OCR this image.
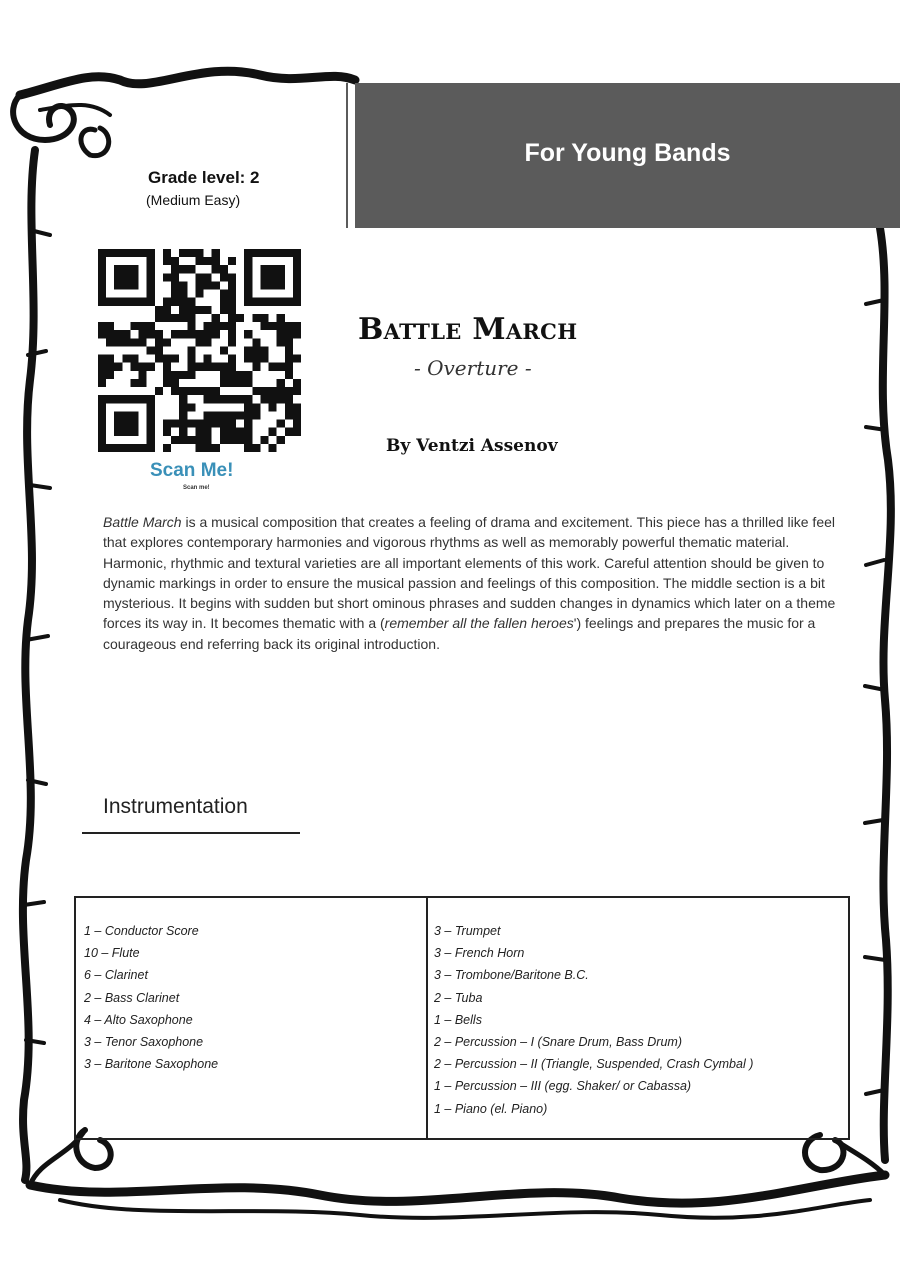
For Young Bands
Grade level: 2
(Medium Easy)
Scan Me!
Scan me!
Battle March
- Overture -
By Ventzi Assenov

Battle March is a musical composition that creates a feeling of drama and excitement. This piece has a thrilled like feel that explores contemporary harmonies and vigorous rhythms as well as memorably powerful thematic material. Harmonic, rhythmic and textural varieties are all important elements of this work. Careful attention should be given to dynamic markings in order to ensure the musical passion and feelings of this composition. The middle section is a bit mysterious. It begins with sudden but short ominous phrases and sudden changes in dynamics which later on a theme forces its way in. It becomes thematic with a (remember all the fallen heroes') feelings and prepares the music for a courageous end referring back its original introduction.

Instrumentation
1 – Conductor Score
10 – Flute
6 – Clarinet
2 – Bass Clarinet
4 – Alto Saxophone
3 – Tenor Saxophone
3 – Baritone Saxophone
3 – Trumpet
3 – French Horn
3 – Trombone/Baritone B.C.
2 – Tuba
1 – Bells
2 – Percussion – I (Snare Drum, Bass Drum)
2 – Percussion – II (Triangle, Suspended, Crash Cymbal )
1 – Percussion – III (egg. Shaker/ or Cabassa)
1 – Piano (el. Piano)
